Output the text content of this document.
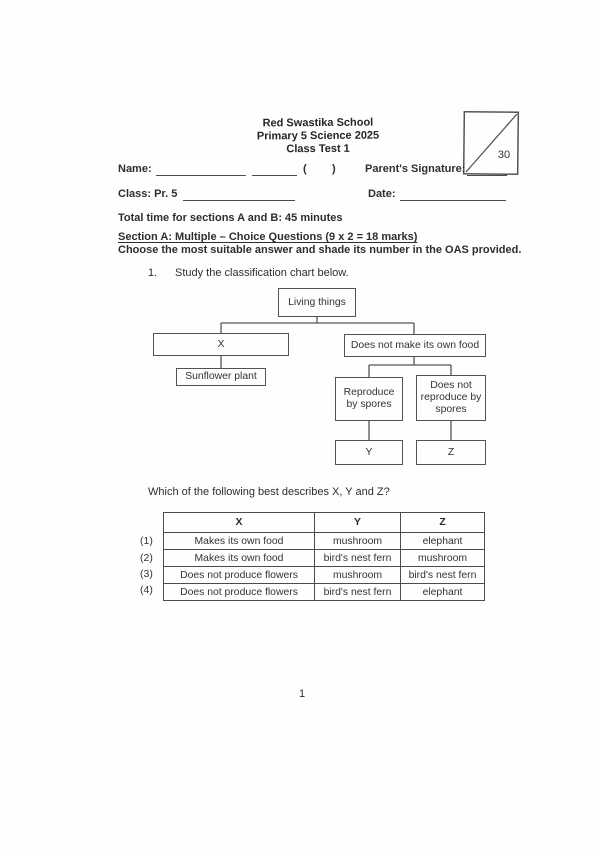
30
Red Swastika School
Primary 5 Science 2025
Class Test 1
Name:	( )	Parent's Signature:
Class: Pr. 5	Date:
Total time for sections A and B: 45 minutes
Section A: Multiple – Choice Questions (9 x 2 = 18 marks)
Choose the most suitable answer and shade its number in the OAS provided.
1. Study the classification chart below.
Living things
X	Does not make its own food
Sunflower plant
Reproduce by spores
Does not reproduce by spores
Y	Z
Which of the following best describes X, Y and Z?
(1)
(2)
(3)
(4)
X	Y	Z
Makes its own food	mushroom	elephant
Makes its own food	bird's nest fern	mushroom
Does not produce flowers	mushroom	bird's nest fern
Does not produce flowers	bird's nest fern	elephant
1
